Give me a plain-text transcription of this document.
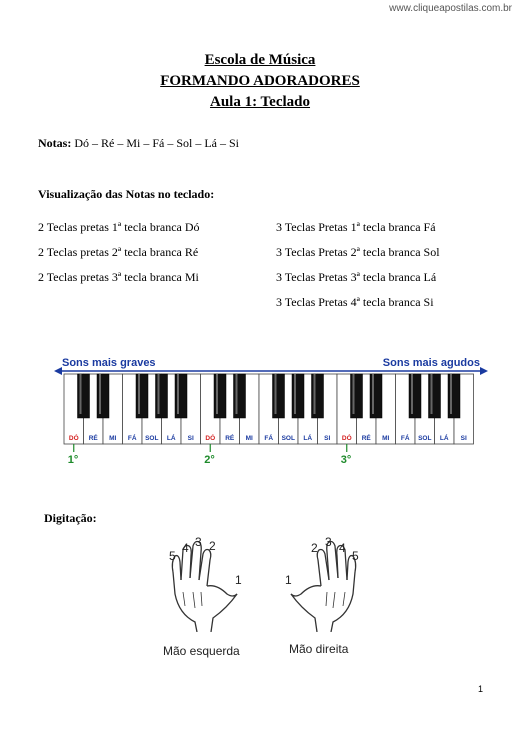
www.cliqueapostilas.com.br
Escola de Música
FORMANDO ADORADORES
Aula 1: Teclado
Notas: Dó – Ré – Mi – Fá – Sol – Lá – Si
Visualização das Notas no teclado:
2 Teclas pretas 1ª tecla branca Dó
2 Teclas pretas 2ª tecla branca Ré
2 Teclas pretas 3ª tecla branca Mi
3 Teclas Pretas 1ª tecla branca Fá
3 Teclas Pretas 2ª tecla branca Sol
3 Teclas Pretas 3ª tecla branca Lá
3 Teclas Pretas 4ª tecla branca Si
Sons mais graves	Sons mais agudos
DÓ RÉ MI FÁ SOL LÁ SI DÓ RÉ MI FÁ SOL LÁ SI DÓ RÉ MI FÁ SOL LÁ SI
1°	2°	3°
Digitação:
5
4 3 2
1	1
2 3 4
5
Mão esquerda	Mão direita
1
